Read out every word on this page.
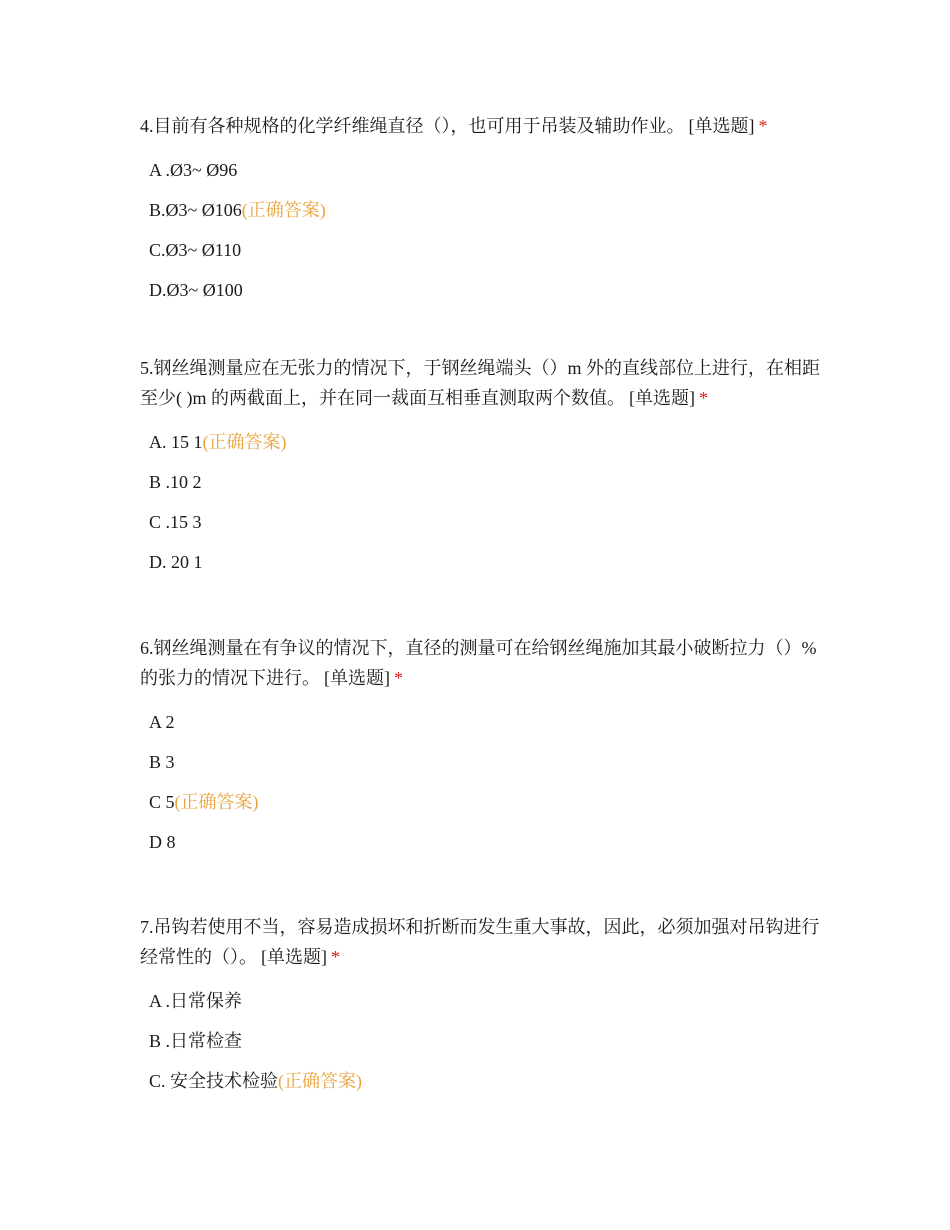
4.目前有各种规格的化学纤维绳直径（），也可用于吊装及辅助作业。 [单选题] *

A .Ø3~ Ø96
B.Ø3~ Ø106(正确答案)
C.Ø3~ Ø110
D.Ø3~ Ø100

5.钢丝绳测量应在无张力的情况下，于钢丝绳端头（）m 外的直线部位上进行，在相距至少( )m 的两截面上，并在同一裁面互相垂直测取两个数值。 [单选题] *

A. 15 1(正确答案)
B .10 2
C .15 3
D. 20 1

6.钢丝绳测量在有争议的情况下，直径的测量可在给钢丝绳施加其最小破断拉力（）%的张力的情况下进行。 [单选题] *

A 2
B 3
C 5(正确答案)
D 8

7.吊钩若使用不当，容易造成损坏和折断而发生重大事故，因此，必须加强对吊钩进行经常性的（）。 [单选题] *

A .日常保养
B .日常检查
C. 安全技术检验(正确答案)
